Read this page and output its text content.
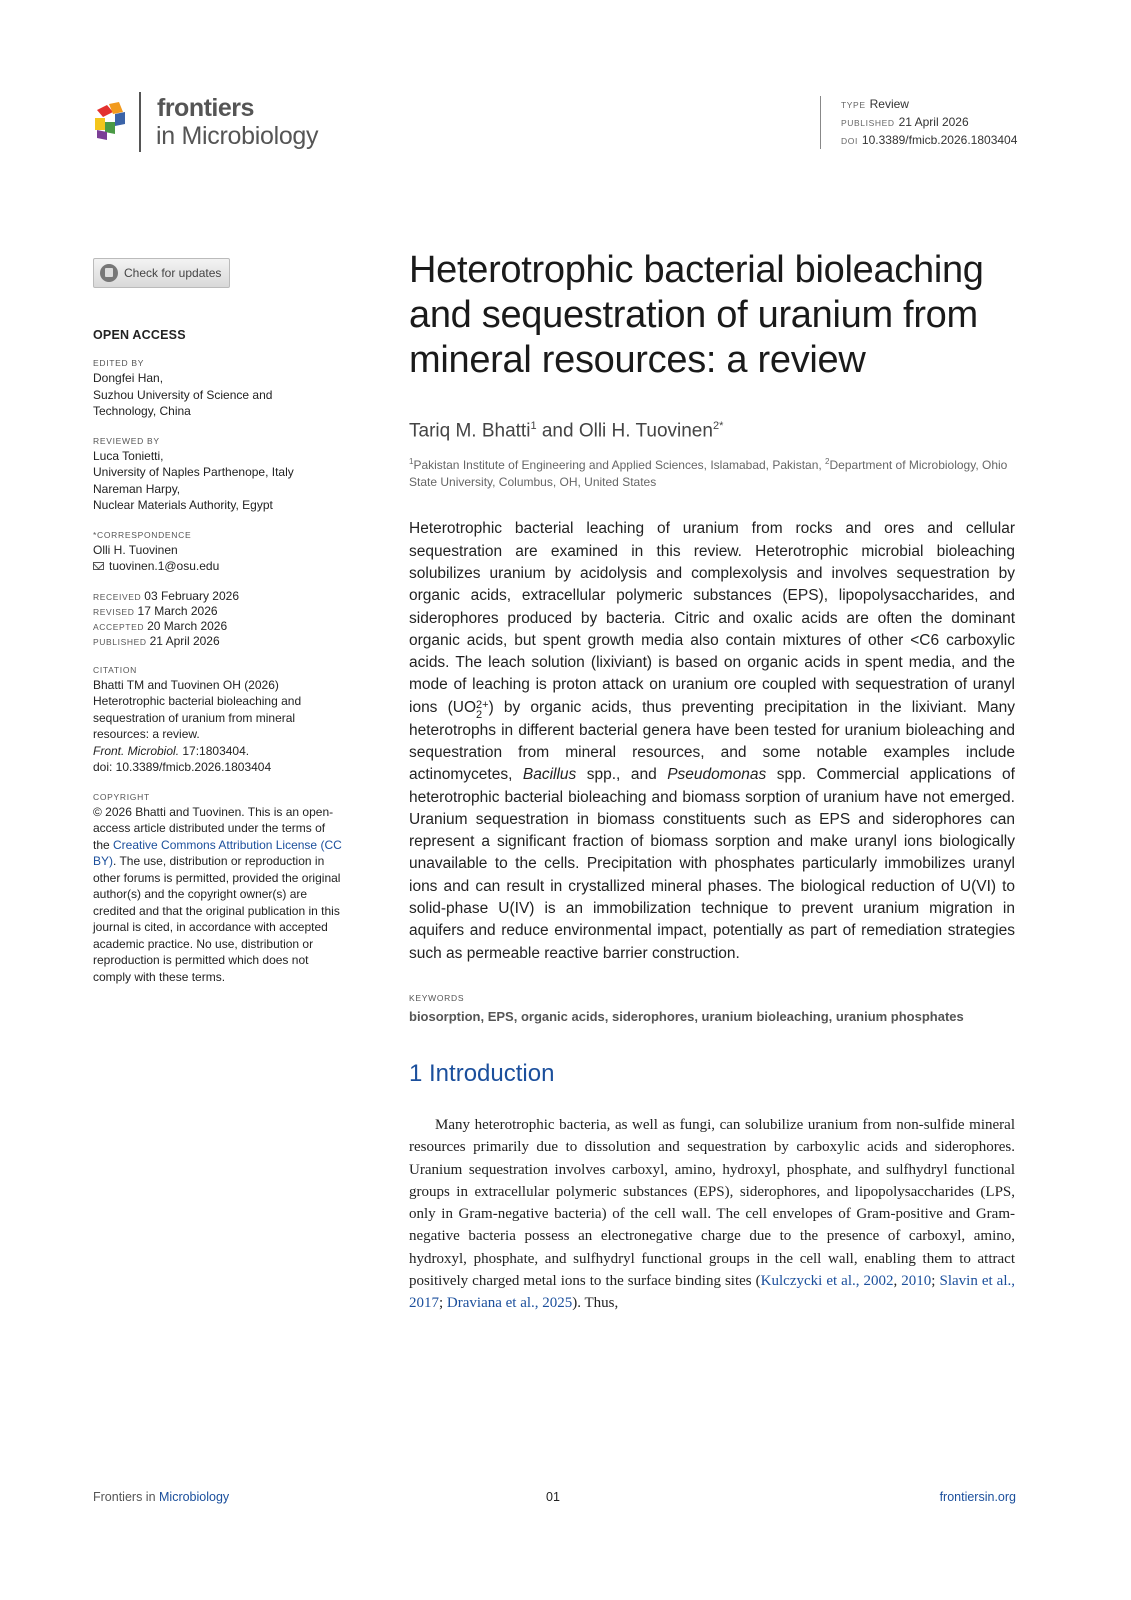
frontiers
in Microbiology
TYPE Review
PUBLISHED 21 April 2026
DOI 10.3389/fmicb.2026.1803404
Check for updates
OPEN ACCESS
EDITED BY
Dongfei Han,
Suzhou University of Science and
Technology, China
REVIEWED BY
Luca Tonietti,
University of Naples Parthenope, Italy
Nareman Harpy,
Nuclear Materials Authority, Egypt
*CORRESPONDENCE
Olli H. Tuovinen
tuovinen.1@osu.edu
RECEIVED 03 February 2026
REVISED 17 March 2026
ACCEPTED 20 March 2026
PUBLISHED 21 April 2026
CITATION
Bhatti TM and Tuovinen OH (2026)
Heterotrophic bacterial bioleaching and
sequestration of uranium from mineral
resources: a review.
Front. Microbiol. 17:1803404.
doi: 10.3389/fmicb.2026.1803404
COPYRIGHT
© 2026 Bhatti and Tuovinen. This is an open-access article distributed under the terms of the Creative Commons Attribution License (CC BY). The use, distribution or reproduction in other forums is permitted, provided the original author(s) and the copyright owner(s) are credited and that the original publication in this journal is cited, in accordance with accepted academic practice. No use, distribution or reproduction is permitted which does not comply with these terms.
Heterotrophic bacterial bioleaching and sequestration of uranium from mineral resources: a review
Tariq M. Bhatti$^1$ and Olli H. Tuovinen$^{2*}$
$^1$Pakistan Institute of Engineering and Applied Sciences, Islamabad, Pakistan, $^2$Department of Microbiology, Ohio State University, Columbus, OH, United States

Heterotrophic bacterial leaching of uranium from rocks and ores and cellular sequestration are examined in this review. Heterotrophic microbial bioleaching solubilizes uranium by acidolysis and complexolysis and involves sequestration by organic acids, extracellular polymeric substances (EPS), lipopolysaccharides, and siderophores produced by bacteria. Citric and oxalic acids are often the dominant organic acids, but spent growth media also contain mixtures of other <C6 carboxylic acids. The leach solution (lixiviant) is based on organic acids in spent media, and the mode of leaching is proton attack on uranium ore coupled with sequestration of uranyl ions (UO 2+
2 ) by organic acids, thus preventing precipitation in the lixiviant. Many heterotrophs in different bacterial genera have been tested for uranium bioleaching and sequestration from mineral resources, and some notable examples include actinomycetes, Bacillus spp., and Pseudomonas spp. Commercial applications of heterotrophic bacterial bioleaching and biomass sorption of uranium have not emerged. Uranium sequestration in biomass constituents such as EPS and siderophores can represent a significant fraction of biomass sorption and make uranyl ions biologically unavailable to the cells. Precipitation with phosphates particularly immobilizes uranyl ions and can result in crystallized mineral phases. The biological reduction of U(VI) to solid-phase U(IV) is an immobilization technique to prevent uranium migration in aquifers and reduce environmental impact, potentially as part of remediation strategies such as permeable reactive barrier construction.

KEYWORDS
biosorption, EPS, organic acids, siderophores, uranium bioleaching, uranium phosphates
1 Introduction

Many heterotrophic bacteria, as well as fungi, can solubilize uranium from non-sulfide mineral resources primarily due to dissolution and sequestration by carboxylic acids and siderophores. Uranium sequestration involves carboxyl, amino, hydroxyl, phosphate, and sulfhydryl functional groups in extracellular polymeric substances (EPS), siderophores, and lipopolysaccharides (LPS, only in Gram-negative bacteria) of the cell wall. The cell envelopes of Gram-positive and Gram-negative bacteria possess an electronegative charge due to the presence of carboxyl, amino, hydroxyl, phosphate, and sulfhydryl functional groups in the cell wall, enabling them to attract positively charged metal ions to the surface binding sites (Kulczycki et al., 2002, 2010; Slavin et al., 2017; Draviana et al., 2025). Thus,

Frontiers in Microbiology	01	frontiersin.org
